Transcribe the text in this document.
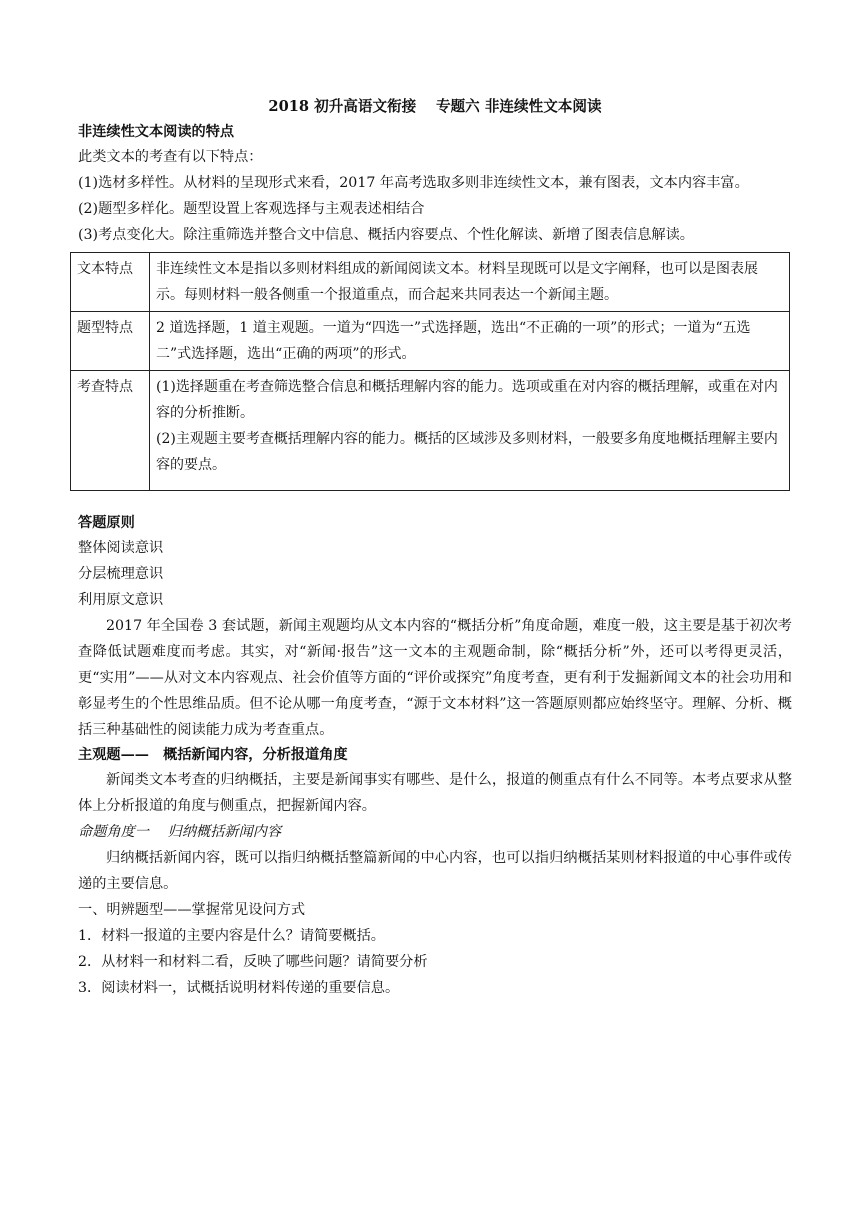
2018 初升高语文衔接　 专题六 非连续性文本阅读

非连续性文本阅读的特点

此类文本的考查有以下特点：

(1)选材多样性。从材料的呈现形式来看，2017 年高考选取多则非连续性文本，兼有图表，文本内容丰富。

(2)题型多样化。题型设置上客观选择与主观表述相结合

(3)考点变化大。除注重筛选并整合文中信息、概括内容要点、个性化解读、新增了图表信息解读。

文本特点	非连续性文本是指以多则材料组成的新闻阅读文本。材料呈现既可以是文字阐释，也可以是图表展示。每则材料一般各侧重一个报道重点，而合起来共同表达一个新闻主题。

题型特点	2 道选择题，1 道主观题。一道为“四选一”式选择题，选出“不正确的一项”的形式；一道为“五选二”式选择题，选出“正确的两项”的形式。

考查特点	(1)选择题重在考查筛选整合信息和概括理解内容的能力。选项或重在对内容的概括理解，或重在对内容的分析推断。
(2)主观题主要考查概括理解内容的能力。概括的区域涉及多则材料，一般要多角度地概括理解主要内容的要点。

答题原则

整体阅读意识

分层梳理意识

利用原文意识

2017 年全国卷 3 套试题，新闻主观题均从文本内容的“概括分析”角度命题，难度一般，这主要是基于初次考查降低试题难度而考虑。其实，对“新闻·报告”这一文本的主观题命制，除“概括分析”外，还可以考得更灵活，更“实用”——从对文本内容观点、社会价值等方面的“评价或探究”角度考查，更有利于发掘新闻文本的社会功用和彰显考生的个性思维品质。但不论从哪一角度考查，“源于文本材料”这一答题原则都应始终坚守。理解、分析、概括三种基础性的阅读能力成为考查重点。

主观题——　概括新闻内容，分析报道角度

新闻类文本考查的归纳概括，主要是新闻事实有哪些、是什么，报道的侧重点有什么不同等。本考点要求从整体上分析报道的角度与侧重点，把握新闻内容。

命题角度一　 归纳概括新闻内容

归纳概括新闻内容，既可以指归纳概括整篇新闻的中心内容，也可以指归纳概括某则材料报道的中心事件或传递的主要信息。

一、明辨题型——掌握常见设问方式

1．材料一报道的主要内容是什么？请简要概括。

2．从材料一和材料二看，反映了哪些问题？请简要分析

3．阅读材料一，试概括说明材料传递的重要信息。
